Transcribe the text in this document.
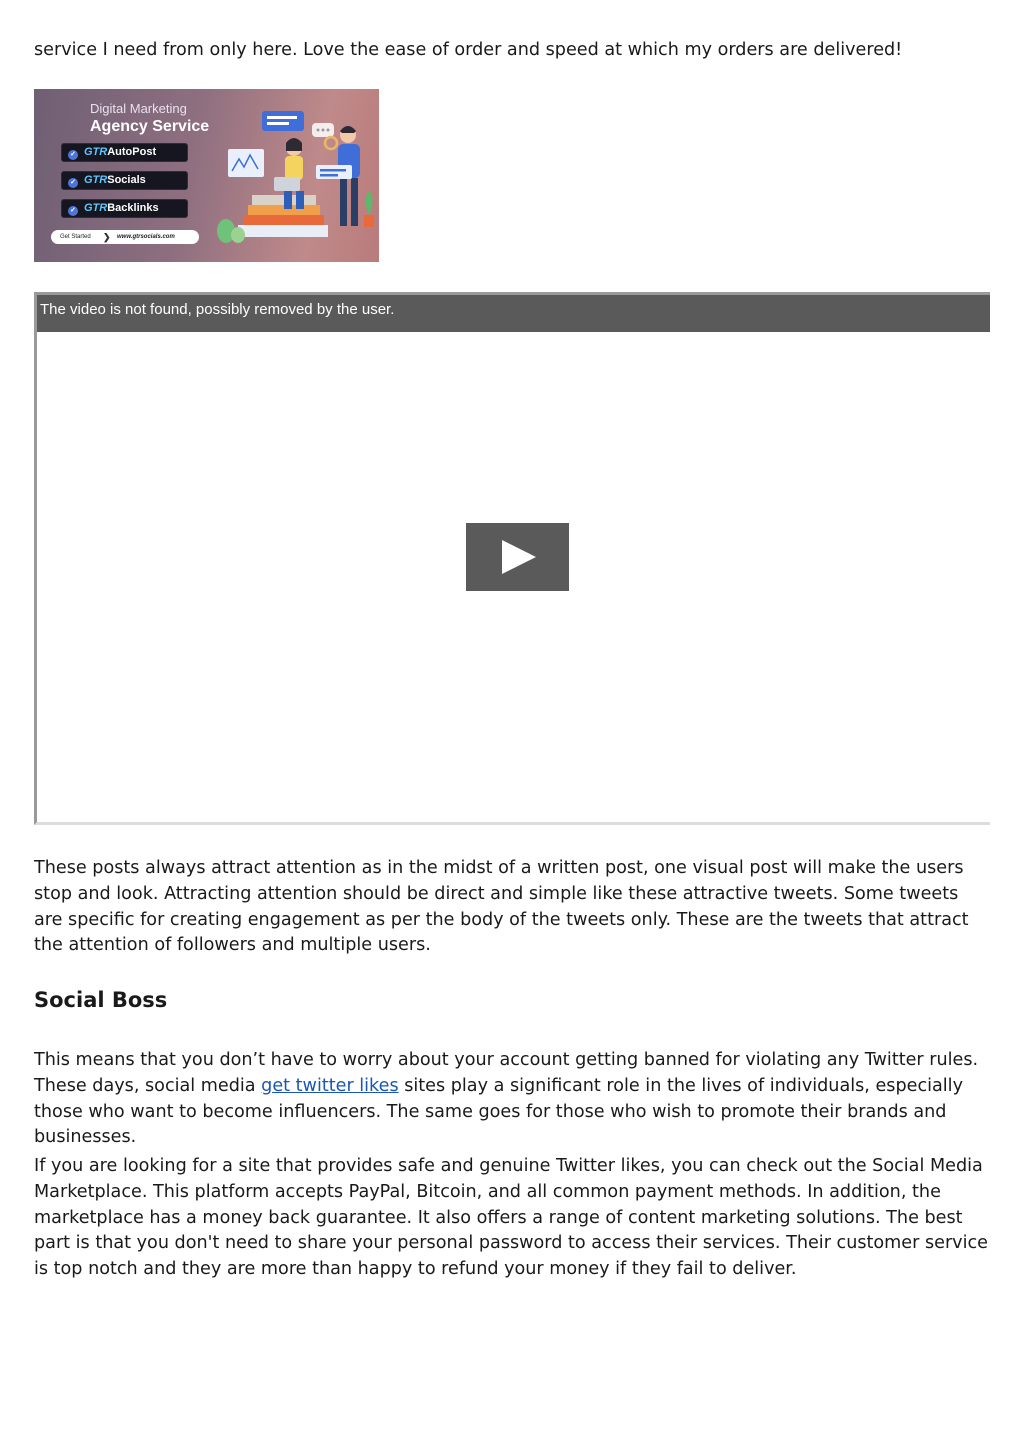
service I need from only here. Love the ease of order and speed at which my orders are delivered!

Digital Marketing
Agency Service
✓ GTRAutoPost
✓ GTRSocials
✓ GTRBacklinks
Get Started ❯ www.gtrsocials.com
The video is not found, possibly removed by the user.

These posts always attract attention as in the midst of a written post, one visual post will make the users stop and look. Attracting attention should be direct and simple like these attractive tweets. Some tweets are specific for creating engagement as per the body of the tweets only. These are the tweets that attract the attention of followers and multiple users.

Social Boss

This means that you don’t have to worry about your account getting banned for violating any Twitter rules. These days, social media get twitter likes sites play a significant role in the lives of individuals, especially those who want to become influencers. The same goes for those who wish to promote their brands and businesses.

If you are looking for a site that provides safe and genuine Twitter likes, you can check out the Social Media Marketplace. This platform accepts PayPal, Bitcoin, and all common payment methods. In addition, the marketplace has a money back guarantee. It also offers a range of content marketing solutions. The best part is that you don't need to share your personal password to access their services. Their customer service is top notch and they are more than happy to refund your money if they fail to deliver.
